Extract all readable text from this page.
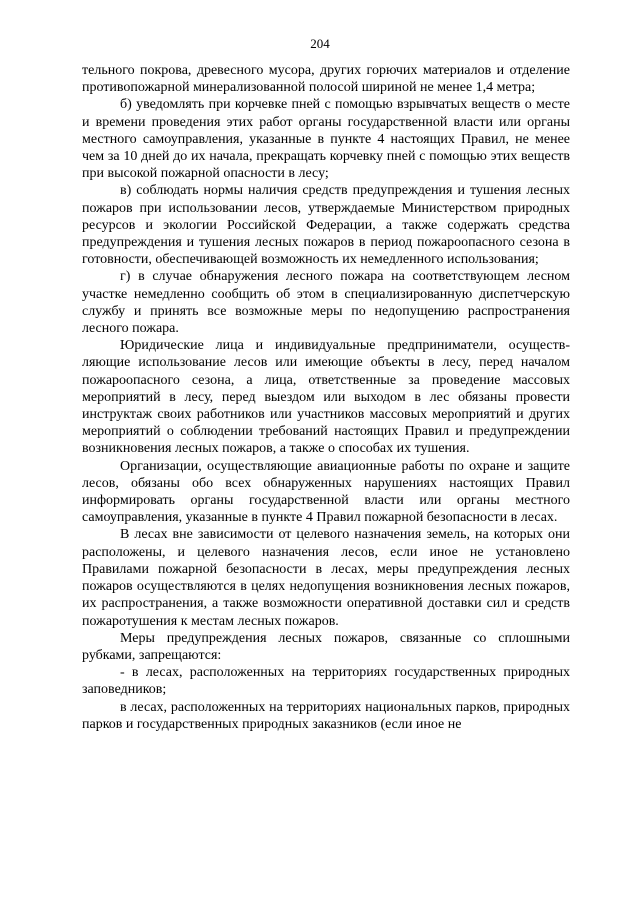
204

тельного покрова, древесного мусора, других горючих материалов и отделение противопожарной минерализованной полосой шириной не менее 1,4 метра;

б) уведомлять при корчевке пней с помощью взрывчатых веществ о месте и времени проведения этих работ органы государственной власти или органы местного самоуправления, указанные в пункте 4 настоящих Правил, не менее чем за 10 дней до их начала, прекращать корчевку пней с помощью этих веществ при высокой пожарной опасности в лесу;

в) соблюдать нормы наличия средств предупреждения и тушения лесных пожаров при использовании лесов, утверждаемые Министерством природных ресурсов и экологии Российской Федерации, а также содержать средства предупреждения и тушения лесных пожаров в период пожароопасного сезона в готовности, обеспечивающей возможность их немедленного использования;

г) в случае обнаружения лесного пожара на соответствующем лесном участке немедленно сообщить об этом в специализированную диспетчерскую службу и принять все возможные меры по недопущению распространения лесного пожара.

Юридические лица и индивидуальные предприниматели, осуществляющие использование лесов или имеющие объекты в лесу, перед началом пожароопасного сезона, а лица, ответственные за проведение массовых мероприятий в лесу, перед выездом или выходом в лес обязаны провести инструктаж своих работников или участников массовых мероприятий и других мероприятий о соблюдении требований настоящих Правил и предупреждении возникновения лесных пожаров, а также о способах их тушения.

Организации, осуществляющие авиационные работы по охране и защите лесов, обязаны обо всех обнаруженных нарушениях настоящих Правил информировать органы государственной власти или органы местного самоуправления, указанные в пункте 4 Правил пожарной безопасности в лесах.

В лесах вне зависимости от целевого назначения земель, на которых они расположены, и целевого назначения лесов, если иное не установлено Правилами пожарной безопасности в лесах, меры предупреждения лесных пожаров осуществляются в целях недопущения возникновения лесных пожаров, их распространения, а также возможности оперативной доставки сил и средств пожаротушения к местам лесных пожаров.

Меры предупреждения лесных пожаров, связанные со сплошными рубками, запрещаются:

- в лесах, расположенных на территориях государственных природных заповедников;

в лесах, расположенных на территориях национальных парков, природных парков и государственных природных заказников (если иное не
